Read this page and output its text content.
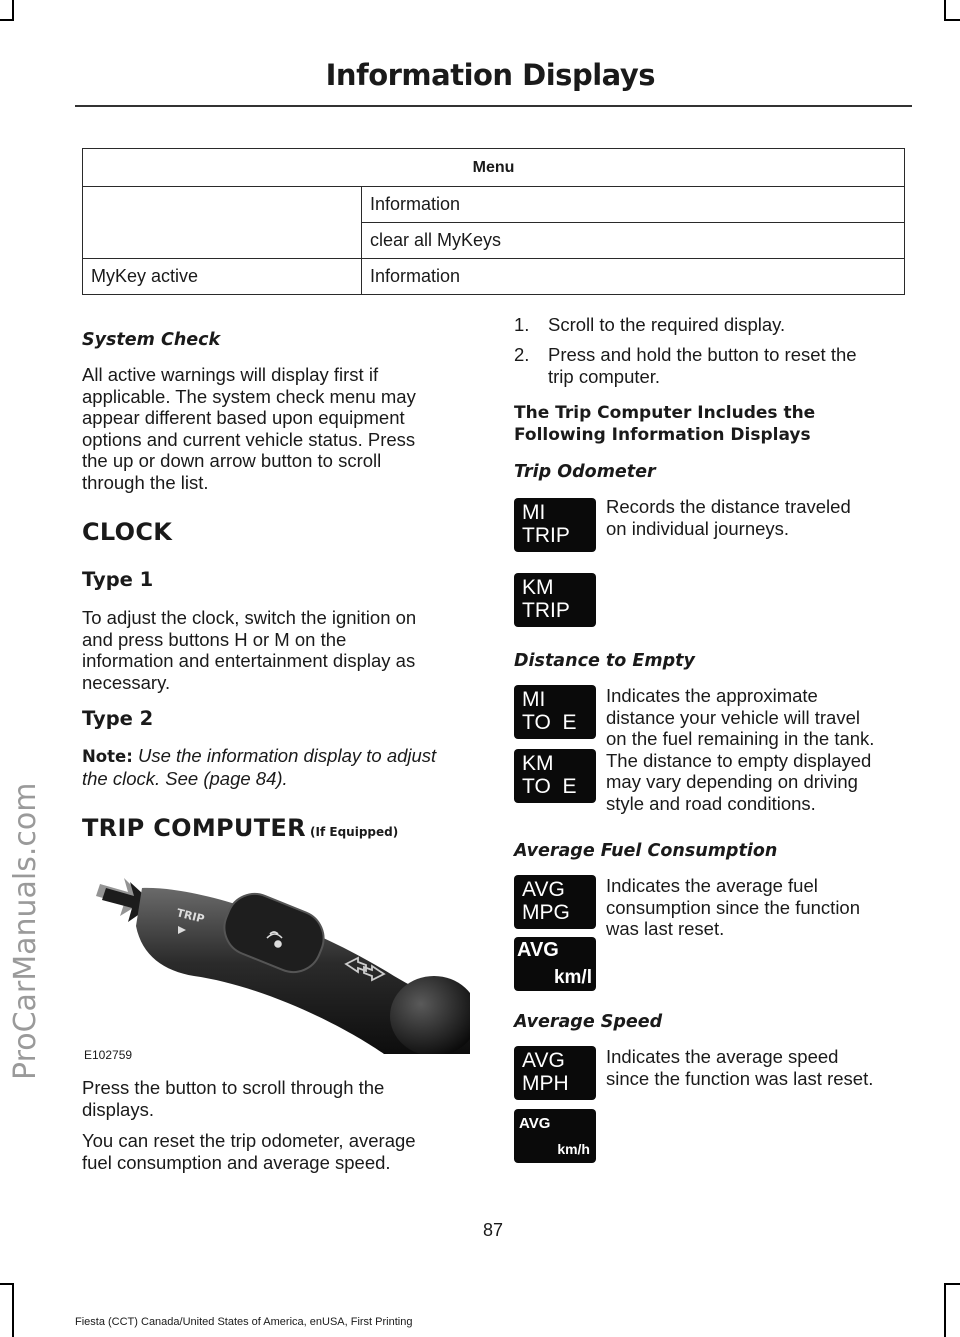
ProCarManuals.com
Information Displays
Menu	
	Information
	clear all MyKeys
MyKey active	Information
System Check
All active warnings will display first if
applicable. The system check menu may
appear different based upon equipment
options and current vehicle status. Press
the up or down arrow button to scroll
through the list.
CLOCK
Type 1
To adjust the clock, switch the ignition on
and press buttons H or M on the
information and entertainment display as
necessary.
Type 2
Note: Use the information display to adjust
the clock. See (page 84).
TRIP COMPUTER (If Equipped)
TRIP
E102759
Press the button to scroll through the
displays.
You can reset the trip odometer, average
fuel consumption and average speed.
1.	Scroll to the required display.
2.	Press and hold the button to reset the
trip computer.
The Trip Computer Includes the
Following Information Displays
Trip Odometer
Records the distance traveled
on individual journeys.
MI
TRIP
KM
TRIP
Distance to Empty
Indicates the approximate
distance your vehicle will travel
on the fuel remaining in the tank.
The distance to empty displayed
may vary depending on driving
style and road conditions.
MI
TO  E
KM
TO  E
Average Fuel Consumption
Indicates the average fuel
consumption since the function
was last reset.
AVG
MPG
AVG
km/l
Average Speed
Indicates the average speed
since the function was last reset.
AVG
MPH
AVG
km/h
87
Fiesta (CCT) Canada/United States of America, enUSA, First Printing
